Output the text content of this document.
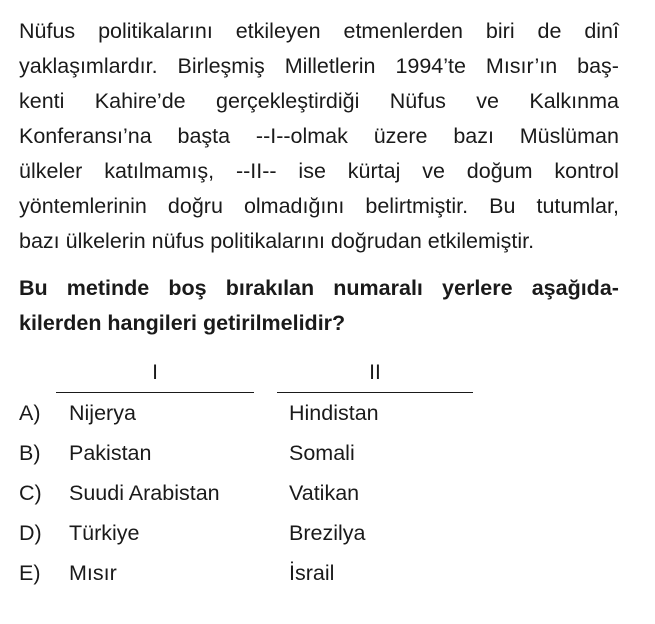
Nüfus politikalarını etkileyen etmenlerden biri de dinî
yaklaşımlardır. Birleşmiş Milletlerin 1994’te Mısır’ın baş-
kenti Kahire’de gerçekleştirdiği Nüfus ve Kalkınma
Konferansı’na başta --I--olmak üzere bazı Müslüman
ülkeler katılmamış, --II-- ise kürtaj ve doğum kontrol
yöntemlerinin doğru olmadığını belirtmiştir. Bu tutumlar,
bazı ülkelerin nüfus politikalarını doğrudan etkilemiştir.
Bu metinde boş bırakılan numaralı yerlere aşağıda-
kilerden hangileri getirilmelidir?
I	II
A) Nijerya	Hindistan
B) Pakistan	Somali
C) Suudi Arabistan	Vatikan
D) Türkiye	Brezilya
E) Mısır	İsrail
